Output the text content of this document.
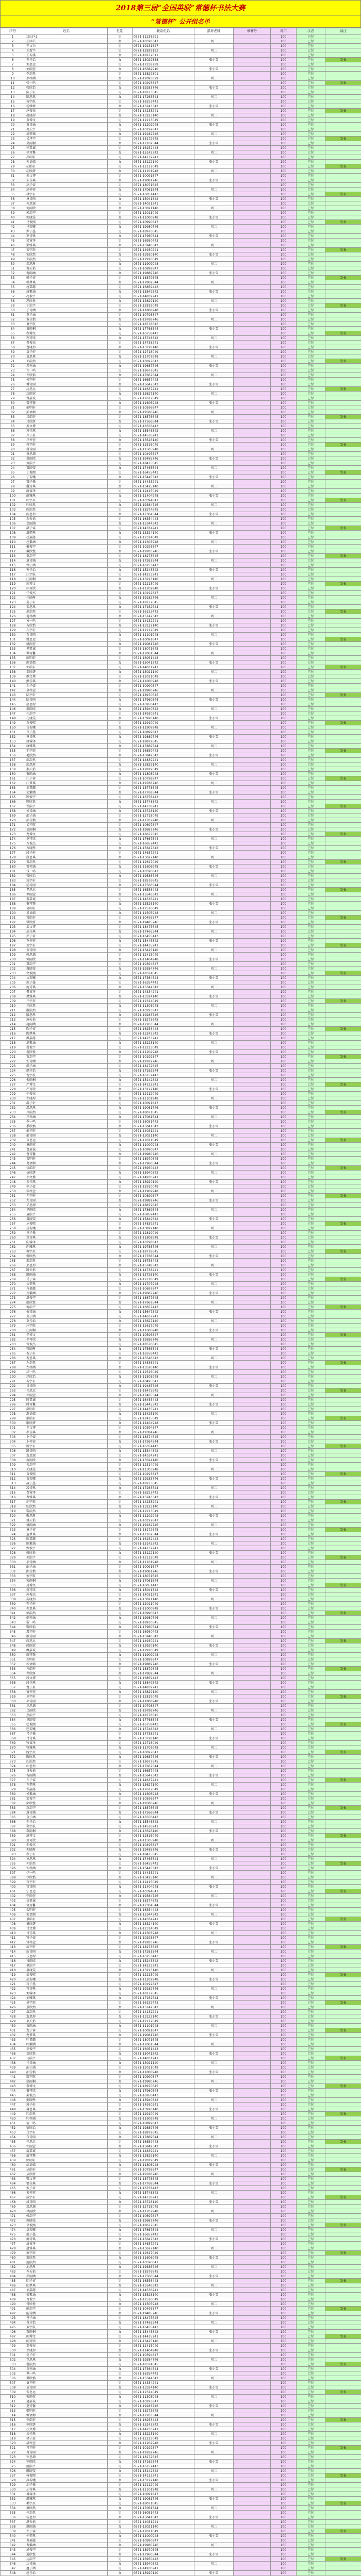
2018第三届“全国英联”常德杯书法大赛
“常德杯” 公开组名单
序号	姓名	性别	联系电话	指导老师	参赛号	费用	状态	备注
1	汉山区1	男	0571-11238291			100	已付	
2	王沐芸	女	0571-10328347	刘二		100	已付	
3	王文兴	男	0571-19231827			100	已付	
4	王新宇	男	0571-12829192	刘二		100	已付	
5	王若溪	女	0571-18272611			100	已付	
6	王佳怡	女	0571-13029388	张小雪		100	已付	发表
7	刘思远	男	0571-17238299			100	已付	
8	刘雨萱	女	0571-16382910	张小雪		100	已付	
9	李浩然	男	0571-13829301			100	已付	
10	李梓涵	女	0571-12093829	刘二		100	已付	
11	张一鸣	男	0571-10293847			100	已付	发表
12	张欣怡	女	0571-19283746	张小雪		100	已付	
13	陈子轩	男	0571-18273645			100	已付	
14	陈思琪	女	0571-17263544	刘二		100	已付	
15	杨宇航	男	0571-16253443			100	已付	
16	杨雅婷	女	0571-15243342	张小雪		100	已付	
17	赵俊杰	男	0571-14233241			100	已付	发表
18	赵晓彤	女	0571-13223140	刘二		100	已付	
19	黄博文	男	0571-12213049			100	已付	
20	黄诗涵	女	0571-11202948	张小雪		100	已付	
21	周天宇	男	0571-10192847			100	已付	
22	周梦瑶	女	0571-19182746	刘二		100	已付	
23	吴泽宇	男	0571-18172645			100	已付	发表
24	吴雨桐	女	0571-17162544	张小雪		100	已付	
25	徐嘉诚	男	0571-16152443			100	已付	
26	徐可馨	女	0571-15142342	刘二		100	已付	
27	孙明轩	男	0571-14132241			100	已付	
28	孙语嫣	女	0571-13122140	张小雪		100	已付	
29	胡皓轩	男	0571-12112049			100	已付	发表
30	胡欣妍	女	0571-11101948	刘二		100	已付	
31	朱文博	男	0571-10091847			100	已付	
32	朱佳琪	女	0571-19081746	张小雪		100	已付	
33	高子豪	男	0571-18071645			100	已付	
34	高梓萱	女	0571-17061544	刘二		100	已付	
35	林宇轩	男	0571-16051443			100	已付	发表
36	林诗雨	女	0571-15041342	张小雪		100	已付	
37	何思源	男	0571-14031241			100	已付	
38	何雨欣	女	0571-13021140	刘二		100	已付	
39	郭浩宇	男	0571-12011049			100	已付	
40	郭晓雯	女	0571-11000948	张小雪		100	已付	
41	马俊熙	男	0571-10990847			100	已付	发表
42	马若曦	女	0571-19980746	刘二		100	已付	
43	罗子墨	男	0571-18970645			100	已付	
44	罗诗琪	女	0571-17960544	张小雪		100	已付	
45	梁睿泽	男	0571-16950443			100	已付	
46	梁雅琪	女	0571-15940342	刘二		100	已付	
47	宋宇辰	男	0571-14930241			100	已付	发表
48	宋欣然	女	0571-13920140	张小雪		100	已付	
49	郑浩然	男	0571-12910049			100	已付	
50	郑思彤	女	0571-11909948	刘二		100	已付	
51	谢天佑	男	0571-10899847			100	已付	
52	谢雨涵	女	0571-19889746	张小雪		100	已付	
53	韩子睿	男	0571-18879645			100	已付	发表
54	韩梦琪	女	0571-17869544	刘二		100	已付	
55	唐嘉懿	男	0571-16859443			100	已付	
56	唐紫涵	女	0571-15849342	张小雪		100	已付	
57	冯俊宇	男	0571-14839241			100	已付	
58	冯欣悦	女	0571-13829140	刘二		100	已付	
59	于浩宇	男	0571-12819049			100	已付	发表
60	于诗涵	女	0571-11808948	张小雪		100	已付	
61	董子涵	男	0571-10798847			100	已付	
62	董佳怡	女	0571-19788746	刘二		100	已付	
63	萧宇航	男	0571-18778645			100	已付	
64	萧雨桐	女	0571-17768544	张小雪		100	已付	
65	程博文	男	0571-16758443			100	已付	发表
66	程可欣	女	0571-15748342	刘二		100	已付	
67	曹俊杰	男	0571-14738241			100	已付	
68	曹晓彤	女	0571-13728140	张小雪		100	已付	
69	袁子轩	男	0571-12718049			100	已付	
70	袁思琪	女	0571-11707948	刘二		100	已付	
71	邓浩然	男	0571-10697847			100	已付	发表
72	邓梓涵	女	0571-19687746	张小雪		100	已付	
73	许一鸣	男	0571-18677645			100	已付	
74	许欣怡	女	0571-17667544	刘二		100	已付	
75	傅宇轩	男	0571-16657443			100	已付	
76	傅诗雨	女	0571-15647342	张小雪		100	已付	
77	沈思远	男	0571-14637241			100	已付	发表
78	沈雨萱	女	0571-13627140	刘二		100	已付	
79	曾嘉诚	男	0571-12617049			100	已付	
80	曾可馨	女	0571-11606948	张小雪		100	已付	
81	彭明轩	男	0571-10596847			100	已付	
82	彭语嫣	女	0571-19586746	刘二		100	已付	
83	吕皓轩	男	0571-18576645			100	已付	发表
84	吕欣妍	女	0571-17566544	张小雪		100	已付	
85	苏文博	男	0571-16556443			100	已付	
86	苏佳琪	女	0571-15546342	刘二		100	已付	
87	卢子豪	男	0571-14536241			100	已付	
88	卢梓萱	女	0571-13526140	张小雪		100	已付	
89	蒋宇轩	男	0571-12516049			100	已付	发表
90	蒋诗雨	女	0571-11505948	刘二		100	已付	
91	蔡思源	男	0571-10495847			100	已付	
92	蔡雨欣	女	0571-19485746	张小雪		100	已付	
93	贾浩宇	男	0571-18475645			100	已付	
94	贾晓雯	女	0571-17465544	刘二		100	已付	
95	丁俊熙	男	0571-16455443			100	已付	发表
96	丁若曦	女	0571-15445342	张小雪		100	已付	
97	魏子墨	男	0571-14435241			100	已付	
98	魏诗琪	女	0571-13425140	刘二		100	已付	
99	薛睿泽	男	0571-12415049			100	已付	
100	薛雅琪	女	0571-11404948	张小雪		100	已付	
101	叶宇辰	男	0571-10394847			100	已付	发表
102	叶欣然	女	0571-19384746	刘二		100	已付	
103	阎浩然	男	0571-18374645			100	已付	
104	阎思彤	女	0571-17364544	张小雪		100	已付	
105	余天佑	男	0571-16354443			100	已付	
106	余雨涵	女	0571-15344342	刘二		100	已付	
107	潘子睿	男	0571-14334241			100	已付	发表
108	潘梦琪	女	0571-13324140	张小雪		100	已付	
109	杜嘉懿	男	0571-12314049			100	已付	
110	杜紫涵	女	0571-11303948	刘二		100	已付	
111	戴俊宇	男	0571-10293847			100	已付	
112	戴欣悦	女	0571-19283746	张小雪		100	已付	
113	夏浩宇	男	0571-18273645			100	已付	发表
114	夏诗涵	女	0571-17263544	刘二		100	已付	
115	钟子涵	男	0571-16253443			100	已付	
116	钟佳怡	女	0571-15243342	张小雪		100	已付	
117	汪宇航	男	0571-14233241			100	已付	
118	汪雨桐	女	0571-13223140	刘二		100	已付	
119	田博文	男	0571-12213049			100	已付	发表
120	田可欣	女	0571-11202948	张小雪		100	已付	
121	任俊杰	男	0571-10192847			100	已付	
122	任晓彤	女	0571-19182746	刘二		100	已付	
123	姜子轩	男	0571-18172645			100	已付	
124	姜思琪	女	0571-17162544	张小雪		100	已付	
125	范浩然	男	0571-16152443			100	已付	发表
126	范梓涵	女	0571-15142342	刘二		100	已付	
127	方一鸣	男	0571-14132241			100	已付	
128	方欣怡	女	0571-13122140	张小雪		100	已付	
129	石宇轩	男	0571-12112049			100	已付	
130	石诗雨	女	0571-11101948	刘二		100	已付	
131	姚思远	男	0571-10091847			100	已付	发表
132	姚雨萱	女	0571-19081746	张小雪		100	已付	
133	谭嘉诚	男	0571-18071645			100	已付	
134	谭可馨	女	0571-17061544	刘二		100	已付	
135	廖明轩	男	0571-16051443			100	已付	
136	廖语嫣	女	0571-15041342	张小雪		100	已付	
137	邹皓轩	男	0571-14031241			100	已付	发表
138	邹欣妍	女	0571-13021140	刘二		100	已付	
139	熊文博	男	0571-12011049			100	已付	
140	熊佳琪	女	0571-11000948	张小雪		100	已付	
141	金子豪	男	0571-10990847			100	已付	
142	金梓萱	女	0571-19980746	刘二		100	已付	
143	陆宇轩	男	0571-18970645			100	已付	发表
144	陆诗雨	女	0571-17960544	张小雪		100	已付	
145	郝思源	男	0571-16950443			100	已付	
146	郝雨欣	女	0571-15940342	刘二		100	已付	
147	孔浩宇	男	0571-14930241			100	已付	
148	孔晓雯	女	0571-13920140	张小雪		100	已付	
149	白俊熙	男	0571-12910049			100	已付	发表
150	白若曦	女	0571-11909948	刘二		100	已付	
151	崔子墨	男	0571-10899847			100	已付	
152	崔诗琪	女	0571-19889746	张小雪		100	已付	
153	康睿泽	男	0571-18879645			100	已付	
154	康雅琪	女	0571-17869544	刘二		100	已付	
155	毛宇辰	男	0571-16859443			100	已付	发表
156	毛欣然	女	0571-15849342	张小雪		100	已付	
157	邱浩然	男	0571-14839241			100	已付	
158	邱思彤	女	0571-13829140	刘二		100	已付	
159	秦天佑	男	0571-12819049			100	已付	
160	秦雨涵	女	0571-11808948	张小雪		100	已付	
161	江子睿	男	0571-10798847			100	已付	发表
162	江梦琪	女	0571-19788746	刘二		100	已付	
163	史嘉懿	男	0571-18778645			100	已付	
164	史紫涵	女	0571-17768544	张小雪		100	已付	
165	顾俊宇	男	0571-16758443			100	已付	
166	顾欣悦	女	0571-15748342	刘二		100	已付	
167	侯浩宇	男	0571-14738241			100	已付	发表
168	侯诗涵	女	0571-13728140	张小雪		100	已付	
169	邵子涵	男	0571-12718049			100	已付	
170	邵佳怡	女	0571-11707948	刘二		100	已付	
171	孟宇航	男	0571-10697847			100	已付	
172	孟雨桐	女	0571-19687746	张小雪		100	已付	
173	龙博文	男	0571-18677645			100	已付	发表
174	龙可欣	女	0571-17667544	刘二		100	已付	
175	万俊杰	男	0571-16657443			100	已付	
176	万晓彤	女	0571-15647342	张小雪		100	已付	
177	段子轩	男	0571-14637241			100	已付	
178	段思琪	女	0571-13627140	刘二		100	已付	
179	雷浩然	男	0571-12617049			100	已付	发表
180	雷梓涵	女	0571-11606948	张小雪		100	已付	
181	钱一鸣	男	0571-10596847			100	已付	
182	钱欣怡	女	0571-19586746	刘二		100	已付	
183	汤宇轩	男	0571-18576645			100	已付	
184	汤诗雨	女	0571-17566544	张小雪		100	已付	
185	尹思远	男	0571-16556443			100	已付	发表
186	尹雨萱	女	0571-15546342	刘二		100	已付	
187	黎嘉诚	男	0571-14536241			100	已付	
188	黎可馨	女	0571-13526140	张小雪		100	已付	
189	易明轩	男	0571-12516049			100	已付	
190	易语嫣	女	0571-11505948	刘二		100	已付	
191	常皓轩	男	0571-10495847			100	已付	发表
192	常欣妍	女	0571-19485746	张小雪		100	已付	
193	武文博	男	0571-18475645			100	已付	
194	武佳琪	女	0571-17465544	刘二		100	已付	
195	乔子豪	男	0571-16455443			100	已付	
196	乔梓萱	女	0571-15445342	张小雪		100	已付	
197	贺宇轩	男	0571-14435241			100	已付	发表
198	贺诗雨	女	0571-13425140	刘二		100	已付	
199	赖思源	男	0571-12415049			100	已付	
200	赖雨欣	女	0571-11404948	张小雪		100	已付	
201	龚浩宇	男	0571-10394847			100	已付	
202	龚晓雯	女	0571-19384746	刘二		100	已付	
203	文俊熙	男	0571-18374645			100	已付	发表
204	文若曦	女	0571-17364544	张小雪		100	已付	
205	庞子墨	男	0571-16354443			100	已付	
206	庞诗琪	女	0571-15344342	刘二		100	已付	
207	樊睿泽	男	0571-14334241			100	已付	
208	樊雅琪	女	0571-13324140	张小雪		100	已付	
209	兰宇辰	男	0571-12314049			100	已付	发表
210	兰欣然	女	0571-11303948	刘二		100	已付	
211	殷浩然	男	0571-10293847			100	已付	
212	殷思彤	女	0571-19283746	张小雪		100	已付	
213	施天佑	男	0571-18273645			100	已付	
214	施雨涵	女	0571-17263544	刘二		100	已付	
215	陶子睿	男	0571-16253443			100	已付	发表
216	陶梦琪	女	0571-15243342	张小雪		100	已付	
217	洪嘉懿	男	0571-14233241			100	已付	
218	洪紫涵	女	0571-13223140	刘二		100	已付	
219	翟俊宇	男	0571-12213049			100	已付	
220	翟欣悦	女	0571-11202948	张小雪		100	已付	
221	安浩宇	男	0571-10192847			100	已付	发表
222	安诗涵	女	0571-19182746	刘二		100	已付	
223	颜子涵	男	0571-18172645			100	已付	
224	颜佳怡	女	0571-17162544	张小雪		100	已付	
225	倪宇航	男	0571-16152443			100	已付	
226	倪雨桐	女	0571-15142342	刘二		100	已付	
227	严博文	男	0571-14132241			100	已付	发表
228	严可欣	女	0571-13122140	张小雪		100	已付	
229	牛俊杰	男	0571-12112049			100	已付	
230	牛晓彤	女	0571-11101948	刘二		100	已付	
231	温子轩	男	0571-10091847			100	已付	
232	温思琪	女	0571-19081746	张小雪		100	已付	
233	芦浩然	男	0571-18071645			100	已付	发表
234	芦梓涵	女	0571-17061544	刘二		100	已付	
235	季一鸣	男	0571-16051443			100	已付	
236	季欣怡	女	0571-15041342	张小雪		100	已付	
237	俞宇轩	男	0571-14031241			100	已付	
238	俞诗雨	女	0571-13021140	刘二		100	已付	
239	章思远	男	0571-12011049			100	已付	发表
240	章雨萱	女	0571-11000948	张小雪		100	已付	
241	鲁嘉诚	男	0571-10990847			100	已付	
242	鲁可馨	女	0571-19980746	刘二		100	已付	
243	葛明轩	男	0571-18970645			100	已付	
244	葛语嫣	女	0571-17960544	张小雪		100	已付	
245	伍皓轩	男	0571-16950443			100	已付	发表
246	伍欣妍	女	0571-15940342	刘二		100	已付	
247	韦文博	男	0571-14930241			100	已付	
248	韦佳琪	女	0571-13920140	张小雪		100	已付	
249	申子豪	男	0571-12910049			100	已付	
250	申梓萱	女	0571-11909948	刘二		100	已付	
251	尤宇轩	男	0571-10899847			100	已付	发表
252	尤诗雨	女	0571-19889746	张小雪		100	已付	
253	毕思源	男	0571-18879645			100	已付	
254	毕雨欣	女	0571-17869544	刘二		100	已付	
255	聂浩宇	男	0571-16859443			100	已付	
256	聂晓雯	女	0571-15849342	张小雪		100	已付	
257	丛俊熙	男	0571-14839241			100	已付	发表
258	丛若曦	女	0571-13829140	刘二		100	已付	
259	焦子墨	男	0571-12819049			100	已付	
260	焦诗琪	女	0571-11808948	张小雪		100	已付	
261	向睿泽	男	0571-10798847			100	已付	
262	向雅琪	女	0571-19788746	刘二		100	已付	
263	柳宇辰	男	0571-18778645			100	已付	发表
264	柳欣然	女	0571-17768544	张小雪		100	已付	
265	邢浩然	男	0571-16758443			100	已付	
266	邢思彤	女	0571-15748342	刘二		100	已付	
267	路天佑	男	0571-14738241			100	已付	
268	路雨涵	女	0571-13728140	张小雪		100	已付	
269	岳子睿	男	0571-12718049			100	已付	发表
270	岳梦琪	女	0571-11707948	刘二		100	已付	
271	齐嘉懿	男	0571-10697847			100	已付	
272	齐紫涵	女	0571-19687746	张小雪		100	已付	
273	沿俊宇	男	0571-18677645			100	已付	
274	沿欣悦	女	0571-17667544	刘二		100	已付	
275	梅浩宇	男	0571-16657443			100	已付	发表
276	梅诗涵	女	0571-15647342	张小雪		100	已付	
277	莫子涵	男	0571-14637241			100	已付	
278	莫佳怡	女	0571-13627140	刘二		100	已付	
279	庄宇航	男	0571-12617049			100	已付	
280	庄雨桐	女	0571-11606948	张小雪		100	已付	
281	辛博文	男	0571-10596847			100	已付	发表
282	辛可欣	女	0571-19586746	刘二		100	已付	
283	管俊杰	男	0571-18576645			100	已付	
284	管晓彤	女	0571-17566544	张小雪		100	已付	
285	祝子轩	男	0571-16556443			100	已付	
286	祝思琪	女	0571-15546342	刘二		100	已付	
287	左浩然	男	0571-14536241			100	已付	发表
288	左梓涵	女	0571-13526140	张小雪		100	已付	
289	涂一鸣	男	0571-12516049			100	已付	
290	涂欣怡	女	0571-11505948	刘二		100	已付	
291	谷宇轩	男	0571-10495847			100	已付	
292	谷诗雨	女	0571-19485746	张小雪		100	已付	
293	祁思远	男	0571-18475645			100	已付	发表
294	祁雨萱	女	0571-17465544	刘二		100	已付	
295	时嘉诚	男	0571-16455443			100	已付	
296	时可馨	女	0571-15445342	张小雪		100	已付	
297	舒明轩	男	0571-14435241			100	已付	
298	舒语嫣	女	0571-13425140	刘二		100	已付	
299	耿皓轩	男	0571-12415049			100	已付	发表
300	耿欣妍	女	0571-11404948	张小雪		100	已付	
301	牟文博	男	0571-10394847			100	已付	
302	牟佳琪	女	0571-19384746	刘二		100	已付	
303	卜子豪	男	0571-18374645			100	已付	
304	卜梓萱	女	0571-17364544	张小雪		100	已付	
305	路宇轩	男	0571-16354443			100	已付	发表
306	路诗雨	女	0571-15344342	刘二		100	已付	
307	詹思源	男	0571-14334241			100	已付	
308	詹雨欣	女	0571-13324140	张小雪		100	已付	
309	关浩宇	男	0571-12314049			100	已付	
310	关晓雯	女	0571-11303948	刘二		100	已付	
311	苗俊熙	男	0571-10293847			100	已付	发表
312	苗若曦	女	0571-19283746	张小雪		100	已付	
313	凌子墨	男	0571-18273645			100	已付	
314	凌诗琪	女	0571-17263544	刘二		100	已付	
315	费睿泽	男	0571-16253443			100	已付	
316	费雅琪	女	0571-15243342	张小雪		100	已付	
317	纪宇辰	男	0571-14233241			100	已付	发表
318	纪欣然	女	0571-13223140	刘二		100	已付	
319	靳浩然	男	0571-12213049			100	已付	
320	靳思彤	女	0571-11202948	张小雪		100	已付	
321	盛天佑	男	0571-10192847			100	已付	
322	盛雨涵	女	0571-19182746	刘二		100	已付	
323	童子睿	男	0571-18172645			100	已付	发表
324	童梦琪	女	0571-17162544	张小雪		100	已付	
325	欧嘉懿	男	0571-16152443			100	已付	
326	欧紫涵	女	0571-15142342	刘二		100	已付	
327	甄俊宇	男	0571-14132241			100	已付	
328	甄欣悦	女	0571-13122140	张小雪		100	已付	
329	项浩宇	男	0571-12112049			100	已付	发表
330	项诗涵	女	0571-11101948	刘二		100	已付	
331	曲子涵	男	0571-10091847			100	已付	
332	曲佳怡	女	0571-19081746	张小雪		100	已付	
333	家宇航	男	0571-18071645			100	已付	
334	家雨桐	女	0571-17061544	刘二		100	已付	
335	封博文	男	0571-16051443			100	已付	发表
336	封可欣	女	0571-15041342	张小雪		100	已付	
337	芮俊杰	男	0571-14031241			100	已付	
338	芮晓彤	女	0571-13021140	刘二		100	已付	
339	羿子轩	男	0571-12011049			100	已付	
340	羿思琪	女	0571-11000948	张小雪		100	已付	
341	储浩然	男	0571-10990847			100	已付	发表
342	储梓涵	女	0571-19980746	刘二		100	已付	
343	靳一鸣	男	0571-18970645			100	已付	
344	靳欣怡	女	0571-17960544	张小雪		100	已付	
345	汲宇轩	男	0571-16950443			100	已付	
346	汲诗雨	女	0571-15940342	刘二		100	已付	
347	邴思远	男	0571-14930241			100	已付	发表
348	邴雨萱	女	0571-13920140	张小雪		100	已付	
349	糜嘉诚	男	0571-12910049			100	已付	
350	糜可馨	女	0571-11909948	刘二		100	已付	
351	松明轩	男	0571-10899847			100	已付	
352	松语嫣	女	0571-19889746	张小雪		100	已付	
353	井皓轩	男	0571-18879645			100	已付	发表
354	井欣妍	女	0571-17869544	刘二		100	已付	
355	段文博	男	0571-16859443			100	已付	
356	段佳琪	女	0571-15849342	张小雪		100	已付	
357	富子豪	男	0571-14839241			100	已付	
358	富梓萱	女	0571-13829140	刘二		100	已付	
359	巫宇轩	男	0571-12819049			100	已付	发表
360	巫诗雨	女	0571-11808948	张小雪		100	已付	
361	乌思源	男	0571-10798847			100	已付	
362	乌雨欣	女	0571-19788746	刘二		100	已付	
363	焦浩宇	男	0571-18778645			100	已付	
364	焦晓雯	女	0571-17768544	张小雪		100	已付	
365	巴俊熙	男	0571-16758443			100	已付	发表
366	巴若曦	女	0571-15748342	刘二		100	已付	
367	弓子墨	男	0571-14738241			100	已付	
368	弓诗琪	女	0571-13728140	张小雪		100	已付	
369	牧睿泽	男	0571-12718049			100	已付	
370	牧雅琪	女	0571-11707948	刘二		100	已付	
371	隗宇辰	男	0571-10697847			100	已付	发表
372	隗欣然	女	0571-19687746	张小雪		100	已付	
373	山浩然	男	0571-18677645			100	已付	
374	山思彤	女	0571-17667544	刘二		100	已付	
375	谷天佑	男	0571-16657443			100	已付	
376	谷雨涵	女	0571-15647342	张小雪		100	已付	
377	车子睿	男	0571-14637241			100	已付	发表
378	车梦琪	女	0571-13627140	刘二		100	已付	
379	侯嘉懿	男	0571-12617049			100	已付	
380	侯紫涵	女	0571-11606948	张小雪		100	已付	
381	宓俊宇	男	0571-10596847			100	已付	
382	宓欣悦	女	0571-19586746	刘二		100	已付	
383	蓬浩宇	男	0571-18576645			100	已付	发表
384	蓬诗涵	女	0571-17566544	张小雪		100	已付	
385	全子涵	男	0571-16556443			100	已付	
386	全佳怡	女	0571-15546342	刘二		100	已付	
387	郗宇航	男	0571-14536241			100	已付	
388	郗雨桐	女	0571-13526140	张小雪		100	已付	
389	班博文	男	0571-12516049			100	已付	发表
390	班可欣	女	0571-11505948	刘二		100	已付	
391	仰俊杰	男	0571-10495847			100	已付	
392	仰晓彤	女	0571-19485746	张小雪		100	已付	
393	秋子轩	男	0571-18475645			100	已付	
394	秋思琪	女	0571-17465544	刘二		100	已付	
395	仲浩然	男	0571-16455443			100	已付	发表
396	仲梓涵	女	0571-15445342	张小雪		100	已付	
397	伊一鸣	男	0571-14435241			100	已付	
398	伊欣怡	女	0571-13425140	刘二		100	已付	
399	宫宇轩	男	0571-12415049			100	已付	
400	宫诗雨	女	0571-11404948	张小雪		100	已付	
401	宁思远	男	0571-10394847			100	已付	发表
402	宁雨萱	女	0571-19384746	刘二		100	已付	
403	仇嘉诚	男	0571-18374645			100	已付	
404	仇可馨	女	0571-17364544	张小雪		100	已付	
405	栾明轩	男	0571-16354443			100	已付	
406	栾语嫣	女	0571-15344342	刘二		100	已付	
407	暴皓轩	男	0571-14334241			100	已付	发表
408	暴欣妍	女	0571-13324140	张小雪		100	已付	
409	甘文博	男	0571-12314049			100	已付	
410	甘佳琪	女	0571-11303948	刘二		100	已付	
411	钭子豪	男	0571-10293847			100	已付	
412	钭梓萱	女	0571-19283746	张小雪		100	已付	
413	厉宇轩	男	0571-18273645			100	已付	发表
414	厉诗雨	女	0571-17263544	刘二		100	已付	
415	戎思源	男	0571-16253443			100	已付	
416	戎雨欣	女	0571-15243342	张小雪		100	已付	
417	祖浩宇	男	0571-14233241			100	已付	
418	祖晓雯	女	0571-13223140	刘二		100	已付	
419	武俊熙	男	0571-12213049			100	已付	发表
420	武若曦	女	0571-11202948	张小雪		100	已付	
421	符子墨	男	0571-10192847			100	已付	
422	符诗琪	女	0571-19182746	刘二		100	已付	
423	刘睿泽	男	0571-18172645			100	已付	
424	刘雅琪	女	0571-17162544	张小雪		100	已付	
425	景宇辰	男	0571-16152443			100	已付	发表
426	景欣然	女	0571-15142342	刘二		100	已付	
427	詹浩然	男	0571-14132241			100	已付	
428	詹思彤	女	0571-13122140	张小雪		100	已付	
429	束天佑	男	0571-12112049			100	已付	
430	束雨涵	女	0571-11101948	刘二		100	已付	
431	龙子睿	男	0571-10091847			100	已付	发表
432	龙梦琪	女	0571-19081746	张小雪		100	已付	
433	叶嘉懿	男	0571-18071645			100	已付	
434	叶紫涵	女	0571-17061544	刘二		100	已付	
435	幸俊宇	男	0571-16051443			100	已付	
436	幸欣悦	女	0571-15041342	张小雪		100	已付	
437	司浩宇	男	0571-14031241			100	已付	发表
438	司诗涵	女	0571-13021140	刘二		100	已付	
439	韶子涵	男	0571-12011049			100	已付	
440	韶佳怡	女	0571-11000948	张小雪		100	已付	
441	郜宇航	男	0571-10990847			100	已付	
442	郜雨桐	女	0571-19980746	刘二		100	已付	
443	黎博文	男	0571-18970645			100	已付	发表
444	黎可欣	女	0571-17960544	张小雪		100	已付	
445	蓟俊杰	男	0571-16950443			100	已付	
446	蓟晓彤	女	0571-15940342	刘二		100	已付	
447	薄子轩	男	0571-14930241			100	已付	
448	薄思琪	女	0571-13920140	张小雪		100	已付	
449	印浩然	男	0571-12910049			100	已付	发表
450	印梓涵	女	0571-11909948	刘二		100	已付	
451	宿一鸣	男	0571-10899847			100	已付	
452	宿欣怡	女	0571-19889746	张小雪		100	已付	
453	白宇轩	男	0571-18879645			100	已付	
454	白诗雨	女	0571-17869544	刘二		100	已付	
455	怀思远	男	0571-16859443			100	已付	发表
456	怀雨萱	女	0571-15849342	张小雪		100	已付	
457	蒲嘉诚	男	0571-14839241			100	已付	
458	蒲可馨	女	0571-13829140	刘二		100	已付	
459	邰明轩	男	0571-12819049			100	已付	
460	邰语嫣	女	0571-11808948	张小雪		100	已付	
461	从皓轩	男	0571-10798847			100	已付	发表
462	从欣妍	女	0571-19788746	刘二		100	已付	
463	鄂文博	男	0571-18778645			100	已付	
464	鄂佳琪	女	0571-17768544	张小雪		100	已付	
465	索子豪	男	0571-16758443			100	已付	
466	索梓萱	女	0571-15748342	刘二		100	已付	
467	咸宇轩	男	0571-14738241			100	已付	发表
468	咸诗雨	女	0571-13728140	张小雪		100	已付	
469	籍思源	男	0571-12718049			100	已付	
470	籍雨欣	女	0571-11707948	刘二		100	已付	
471	赖浩宇	男	0571-10697847			100	已付	
472	赖晓雯	女	0571-19687746	张小雪		100	已付	
473	卓俊熙	男	0571-18677645			100	已付	发表
474	卓若曦	女	0571-17667544	刘二		100	已付	
475	蔺子墨	男	0571-16657443			100	已付	
476	蔺诗琪	女	0571-15647342	张小雪		100	已付	
477	屠睿泽	男	0571-14637241			100	已付	
478	屠雅琪	女	0571-13627140	刘二		100	已付	
479	蒙宇辰	男	0571-12617049			100	已付	发表
480	蒙欣然	女	0571-11606948	张小雪		100	已付	
481	池浩然	男	0571-10596847			100	已付	
482	池思彤	女	0571-19586746	刘二		100	已付	
483	乔天佑	男	0571-18576645			100	已付	
484	乔雨涵	女	0571-17566544	张小雪		100	已付	
485	阴子睿	男	0571-16556443			100	已付	发表
486	阴梦琪	女	0571-15546342	刘二		100	已付	
487	郁嘉懿	男	0571-14536241			100	已付	
488	郁紫涵	女	0571-13526140	张小雪		100	已付	
489	胥俊宇	男	0571-12516049			100	已付	
490	胥欣悦	女	0571-11505948	刘二		100	已付	
491	能浩宇	男	0571-10495847			100	已付	发表
492	能诗涵	女	0571-19485746	张小雪		100	已付	
493	苍子涵	男	0571-18475645			100	已付	
494	苍佳怡	女	0571-17465544	刘二		100	已付	
495	双宇航	男	0571-16455443			100	已付	
496	双雨桐	女	0571-15445342	张小雪		100	已付	
497	闻博文	男	0571-14435241			100	已付	发表
498	闻可欣	女	0571-13425140	刘二		100	已付	
499	莘俊杰	男	0571-12415049			100	已付	
500	莘晓彤	女	0571-11404948	张小雪		100	已付	
501	党子轩	男	0571-10394847			100	已付	
502	党思琪	女	0571-19384746	刘二		100	已付	
503	翟浩然	男	0571-18374645			100	已付	发表
504	翟梓涵	女	0571-17364544	张小雪		100	已付	
505	谭一鸣	男	0571-16354443			100	已付	
506	谭欣怡	女	0571-15344342	刘二		100	已付	
507	贡宇轩	男	0571-14334241			100	已付	
508	贡诗雨	女	0571-13324140	张小雪		100	已付	
509	劳思远	男	0571-12314049			100	已付	发表
510	劳雨萱	女	0571-11303948	刘二		100	已付	
511	逄嘉诚	男	0571-10293847			100	已付	
512	逄可馨	女	0571-19283746	张小雪		100	已付	
513	姬明轩	男	0571-18273645			100	已付	
514	姬语嫣	女	0571-17263544	刘二		100	已付	
515	申皓轩	男	0571-16253443			100	已付	发表
516	申欣妍	女	0571-15243342	张小雪		100	已付	
517	扶文博	男	0571-14233241			100	已付	
518	扶佳琪	女	0571-13223140	刘二		100	已付	
519	堵子豪	男	0571-12213049			100	已付	
520	堵梓萱	女	0571-11202948	张小雪		100	已付	
521	冉宇轩	男	0571-10192847			100	已付	发表
522	冉诗雨	女	0571-19182746	刘二		100	已付	
523	宰思源	男	0571-18172645			100	已付	
524	宰雨欣	女	0571-17162544	张小雪		100	已付	
525	郦浩宇	男	0571-16152443			100	已付	
526	郦晓雯	女	0571-15142342	刘二		100	已付	
527	雍俊熙	男	0571-14132241			100	已付	发表
528	雍若曦	女	0571-13122140	张小雪		100	已付	
529	却子墨	男	0571-12112049			100	已付	
530	却诗琪	女	0571-11101948	刘二		100	已付	
531	璩睿泽	男	0571-10091847			100	已付	
532	璩雅琪	女	0571-19081746	张小雪		100	已付	
533	桑宇辰	男	0571-18071645			100	已付	发表
534	桑欣然	女	0571-17061544	刘二		100	已付	
535	桂浩然	男	0571-16051443			100	已付	
536	桂思彤	女	0571-15041342	张小雪		100	已付	
537	濮天佑	男	0571-14031241			100	已付	
538	濮雨涵	女	0571-13021140	刘二		100	已付	
539	牛子睿	男	0571-12011049			100	已付	发表
540	牛梦琪	女	0571-11000948	张小雪		100	已付	
541	寿嘉懿	男	0571-10990847			100	已付	
542	寿紫涵	女	0571-19980746	刘二		100	已付	
543	通俊宇	男	0571-18970645			100	已付	
544	通欣悦	女	0571-17960544	张小雪		100	已付	
545	边浩宇	男	0571-16950443			100	已付	发表
546	边诗涵	女	0571-15940342	刘二		100	已付	
547	扈子涵	男	0571-14930241			100	已付	
548	扈佳怡	女	0571-13920140	张小雪		100	已付	
